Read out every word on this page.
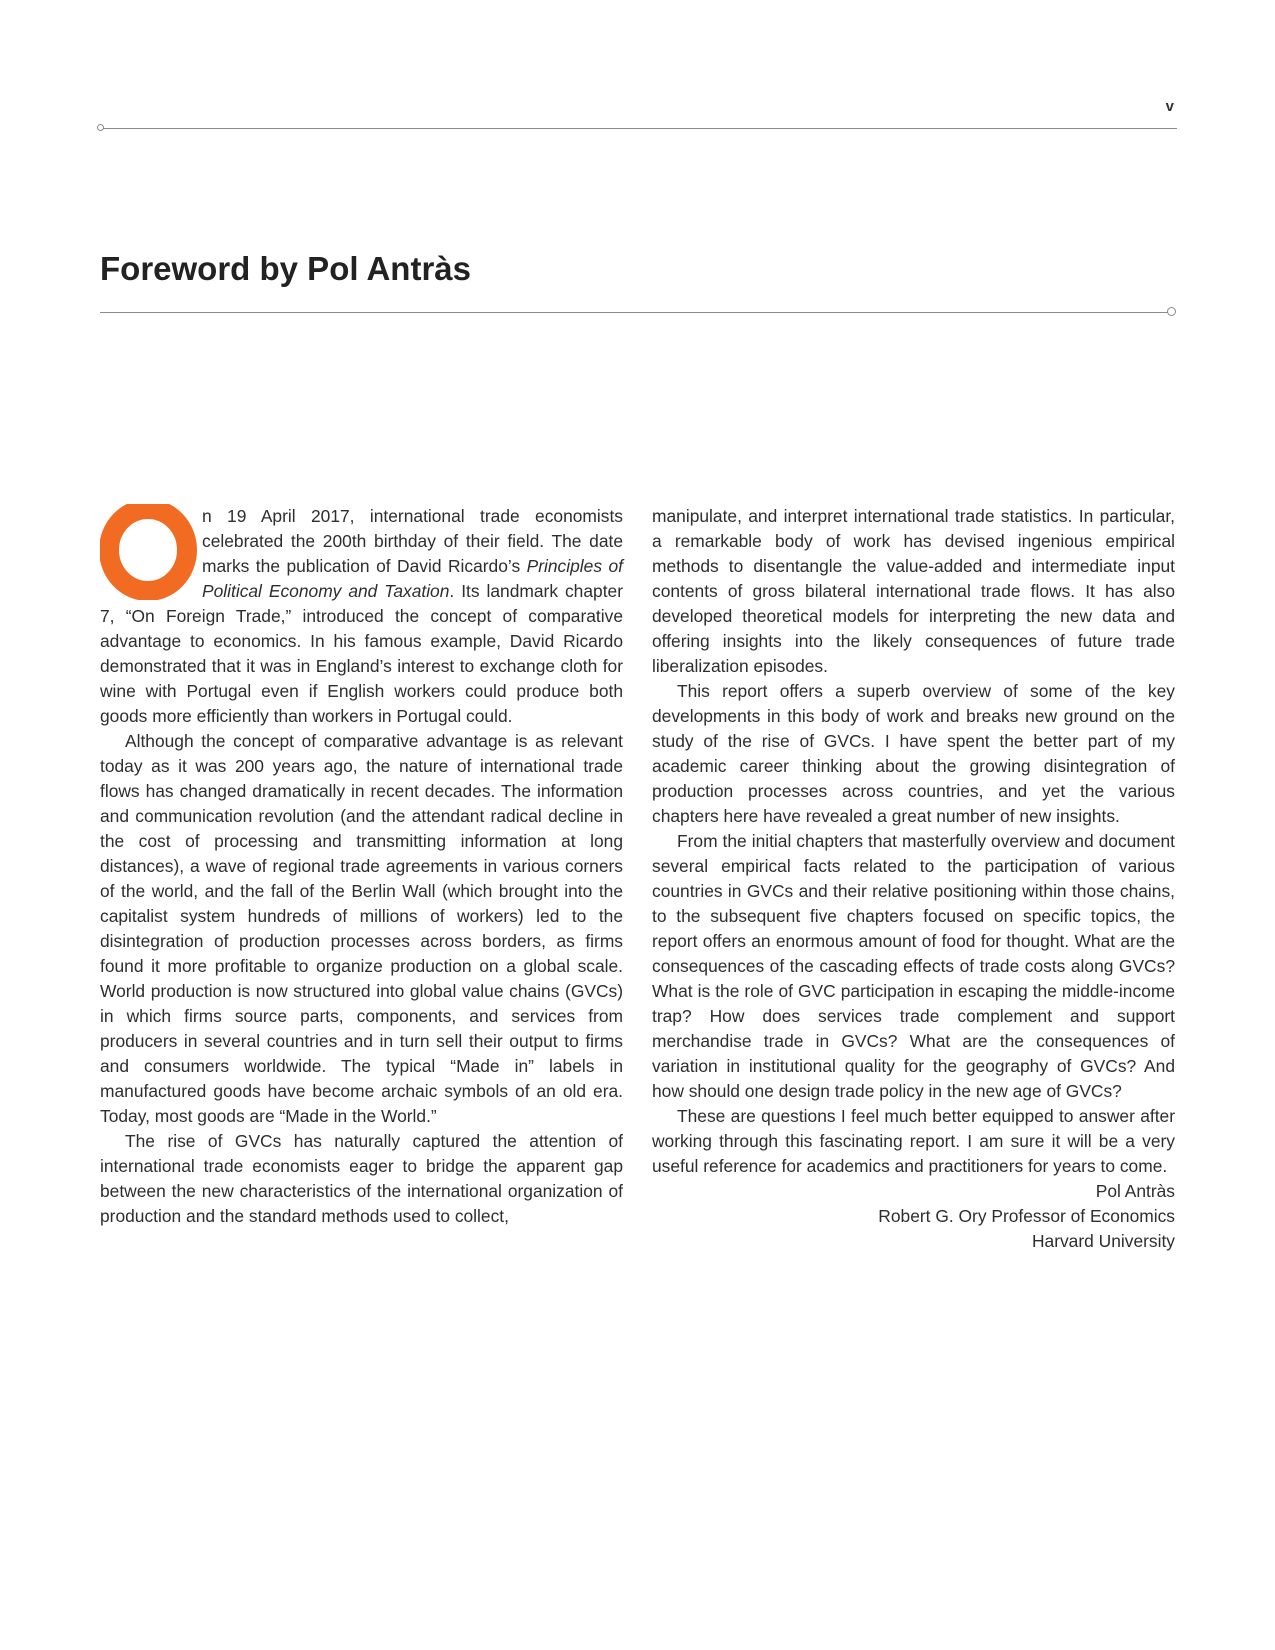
v
Foreword by Pol Antràs

n 19 April 2017, international trade economists celebrated the 200th birthday of their field. The date marks the publication of David Ricardo’s Principles of Political Economy and Taxation. Its landmark chapter 7, “On Foreign Trade,” introduced the concept of comparative advantage to economics. In his famous example, David Ricardo demonstrated that it was in England’s interest to exchange cloth for wine with Portugal even if English workers could produce both goods more efficiently than workers in Portugal could.

Although the concept of comparative advantage is as relevant today as it was 200 years ago, the nature of international trade flows has changed dramatically in recent decades. The information and communication revolution (and the attendant radical decline in the cost of processing and transmitting information at long distances), a wave of regional trade agreements in various corners of the world, and the fall of the Berlin Wall (which brought into the capitalist system hundreds of millions of workers) led to the disintegration of production processes across borders, as firms found it more profitable to organize production on a global scale. World production is now structured into global value chains (GVCs) in which firms source parts, components, and services from producers in several countries and in turn sell their output to firms and consumers worldwide. The typical “Made in” labels in manufactured goods have become archaic symbols of an old era. Today, most goods are “Made in the World.”

The rise of GVCs has naturally captured the attention of international trade economists eager to bridge the apparent gap between the new characteristics of the international organization of production and the standard methods used to collect,

manipulate, and interpret international trade statistics. In particular, a remarkable body of work has devised ingenious empirical methods to disentangle the value-added and intermediate input contents of gross bilateral international trade flows. It has also developed theoretical models for interpreting the new data and offering insights into the likely consequences of future trade liberalization episodes.

This report offers a superb overview of some of the key developments in this body of work and breaks new ground on the study of the rise of GVCs. I have spent the better part of my academic career thinking about the growing disintegration of production processes across countries, and yet the various chapters here have revealed a great number of new insights.

From the initial chapters that masterfully overview and document several empirical facts related to the participation of various countries in GVCs and their relative positioning within those chains, to the subsequent five chapters focused on specific topics, the report offers an enormous amount of food for thought. What are the consequences of the cascading effects of trade costs along GVCs? What is the role of GVC participation in escaping the middle-income trap? How does services trade complement and support merchandise trade in GVCs? What are the consequences of variation in institutional quality for the geography of GVCs? And how should one design trade policy in the new age of GVCs?

These are questions I feel much better equipped to answer after working through this fascinating report. I am sure it will be a very useful reference for academics and practitioners for years to come.

Pol Antràs
Robert G. Ory Professor of Economics
Harvard University
